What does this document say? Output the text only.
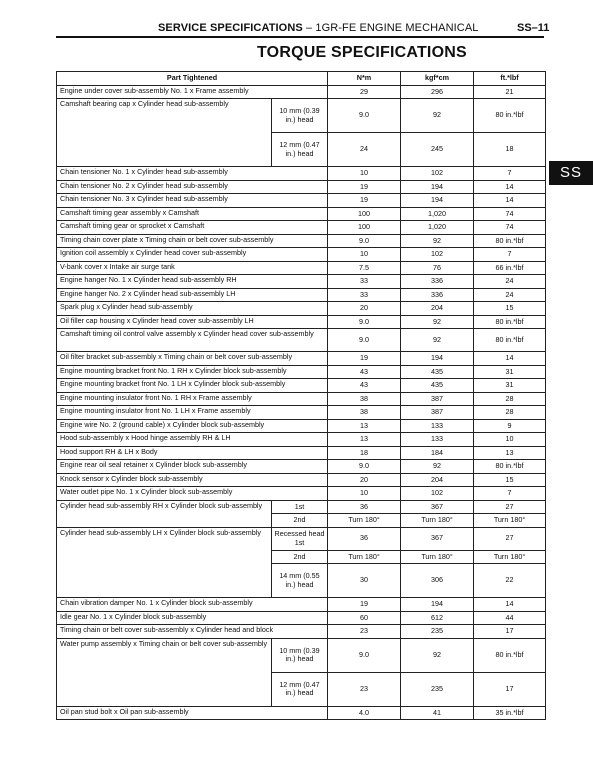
SERVICE SPECIFICATIONS – 1GR-FE ENGINE MECHANICAL	SS–11
TORQUE SPECIFICATIONS
SS
Part Tightened		N*m	kgf*cm	ft.*lbf
Engine under cover sub-assembly No. 1 x Frame assembly		29	296	21
Camshaft bearing cap x Cylinder head sub-assembly	10 mm (0.39 in.) head	9.0	92	80 in.*lbf
	12 mm (0.47 in.) head	24	245	18
Chain tensioner No. 1 x Cylinder head sub-assembly		10	102	7
Chain tensioner No. 2 x Cylinder head sub-assembly		19	194	14
Chain tensioner No. 3 x Cylinder head sub-assembly		19	194	14
Camshaft timing gear assembly x Camshaft		100	1,020	74
Camshaft timing gear or sprocket x Camshaft		100	1,020	74
Timing chain cover plate x Timing chain or belt cover sub-assembly		9.0	92	80 in.*lbf
Ignition coil assembly x Cylinder head cover sub-assembly		10	102	7
V-bank cover x Intake air surge tank		7.5	76	66 in.*lbf
Engine hanger No. 1 x Cylinder head sub-assembly RH		33	336	24
Engine hanger No. 2 x Cylinder head sub-assembly LH		33	336	24
Spark plug x Cylinder head sub-assembly		20	204	15
Oil filler cap housing x Cylinder head cover sub-assembly LH		9.0	92	80 in.*lbf
Camshaft timing oil control valve assembly x Cylinder head cover sub-assembly		9.0	92	80 in.*lbf
Oil filter bracket sub-assembly x Timing chain or belt cover sub-assembly		19	194	14
Engine mounting bracket front No. 1 RH x Cylinder block sub-assembly		43	435	31
Engine mounting bracket front No. 1 LH x Cylinder block sub-assembly		43	435	31
Engine mounting insulator front No. 1 RH x Frame assembly		38	387	28
Engine mounting insulator front No. 1 LH x Frame assembly		38	387	28
Engine wire No. 2 (ground cable) x Cylinder block sub-assembly		13	133	9
Hood sub-assembly x Hood hinge assembly RH & LH		13	133	10
Hood support RH & LH x Body		18	184	13
Engine rear oil seal retainer x Cylinder block sub-assembly		9.0	92	80 in.*lbf
Knock sensor x Cylinder block sub-assembly		20	204	15
Water outlet pipe No. 1 x Cylinder block sub-assembly		10	102	7
Cylinder head sub-assembly RH x Cylinder block sub-assembly	1st	36	367	27
	2nd	Turn 180°	Turn 180°	Turn 180°
Cylinder head sub-assembly LH x Cylinder block sub-assembly	Recessed head 1st	36	367	27
	2nd	Turn 180°	Turn 180°	Turn 180°
	14 mm (0.55 in.) head	30	306	22
Chain vibration damper No. 1 x Cylinder block sub-assembly		19	194	14
Idle gear No. 1 x Cylinder block sub-assembly		60	612	44
Timing chain or belt cover sub-assembly x Cylinder head and block		23	235	17
Water pump assembly x Timing chain or belt cover sub-assembly	10 mm (0.39 in.) head	9.0	92	80 in.*lbf
	12 mm (0.47 in.) head	23	235	17
Oil pan stud bolt x Oil pan sub-assembly		4.0	41	35 in.*lbf
